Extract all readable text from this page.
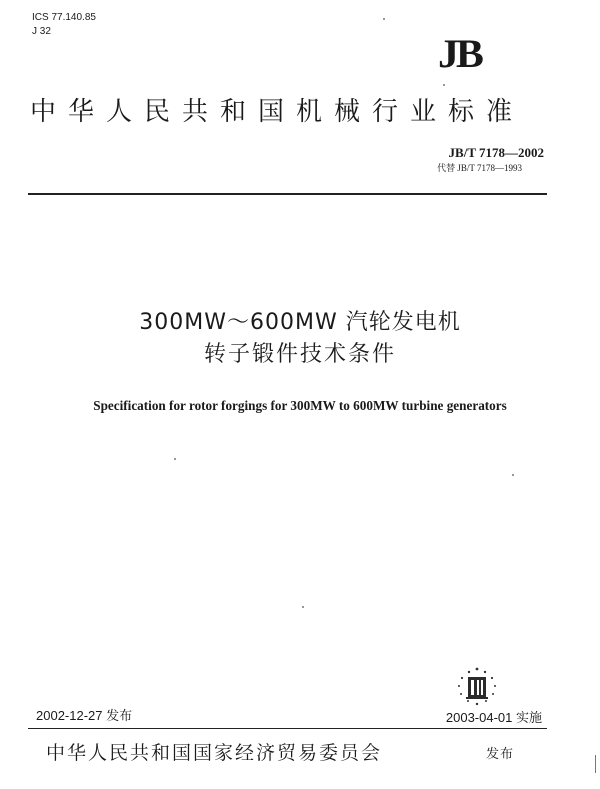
ICS 77.140.85
J 32	JB
中华人民共和国机械行业标准
JB/T 7178—2002
代替 JB/T 7178—1993
300MW～600MW 汽轮发电机
转子锻件技术条件
Specification for rotor forgings for 300MW to 600MW turbine generators
2002-12-27 发布	2003-04-01 实施
中华人民共和国国家经济贸易委员会	发布
